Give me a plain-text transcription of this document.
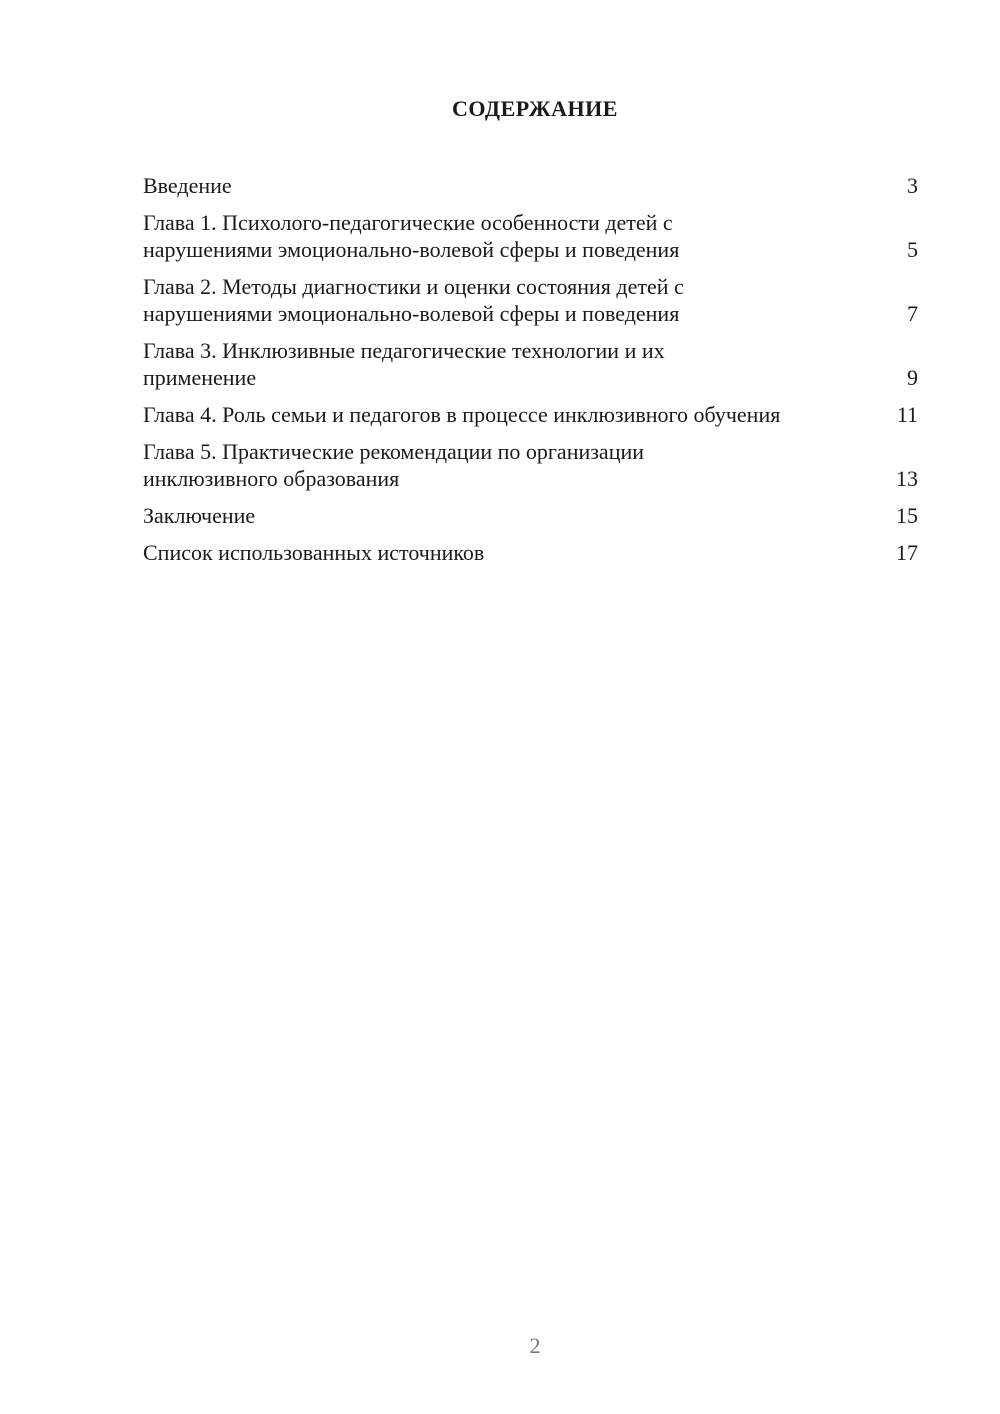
СОДЕРЖАНИЕ
Введение	3
Глава 1. Психолого-педагогические особенности детей с нарушениями эмоционально-волевой сферы и поведения	5
Глава 2. Методы диагностики и оценки состояния детей с нарушениями эмоционально-волевой сферы и поведения	7
Глава 3. Инклюзивные педагогические технологии и их применение	9
Глава 4. Роль семьи и педагогов в процессе инклюзивного обучения	11
Глава 5. Практические рекомендации по организации инклюзивного образования	13
Заключение	15
Список использованных источников	17
2
